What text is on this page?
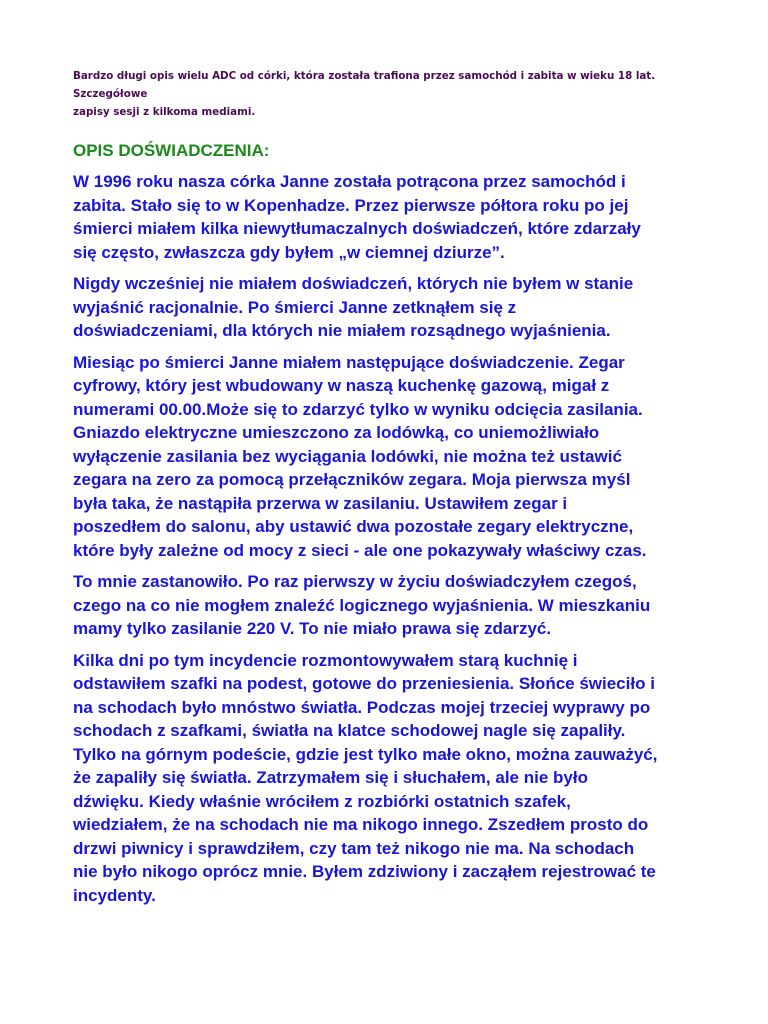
Bardzo długi opis wielu ADC od córki, która została trafiona przez samochód i zabita w wieku 18 lat. Szczegółowe
zapisy sesji z kilkoma mediami.

OPIS DOŚWIADCZENIA:

W 1996 roku nasza córka Janne została potrącona przez samochód i
zabita. Stało się to w Kopenhadze. Przez pierwsze półtora roku po jej
śmierci miałem kilka niewytłumaczalnych doświadczeń, które zdarzały
się często, zwłaszcza gdy byłem „w ciemnej dziurze”.

Nigdy wcześniej nie miałem doświadczeń, których nie byłem w stanie
wyjaśnić racjonalnie. Po śmierci Janne zetknąłem się z
doświadczeniami, dla których nie miałem rozsądnego wyjaśnienia.

Miesiąc po śmierci Janne miałem następujące doświadczenie. Zegar
cyfrowy, który jest wbudowany w naszą kuchenkę gazową, migał z
numerami 00.00.Może się to zdarzyć tylko w wyniku odcięcia zasilania.
Gniazdo elektryczne umieszczono za lodówką, co uniemożliwiało
wyłączenie zasilania bez wyciągania lodówki, nie można też ustawić
zegara na zero za pomocą przełączników zegara. Moja pierwsza myśl
była taka, że nastąpiła przerwa w zasilaniu. Ustawiłem zegar i
poszedłem do salonu, aby ustawić dwa pozostałe zegary elektryczne,
które były zależne od mocy z sieci - ale one pokazywały właściwy czas.

To mnie zastanowiło. Po raz pierwszy w życiu doświadczyłem czegoś,
czego na co nie mogłem znaleźć logicznego wyjaśnienia. W mieszkaniu
mamy tylko zasilanie 220 V. To nie miało prawa się zdarzyć.

Kilka dni po tym incydencie rozmontowywałem starą kuchnię i
odstawiłem szafki na podest, gotowe do przeniesienia. Słońce świeciło i
na schodach było mnóstwo światła. Podczas mojej trzeciej wyprawy po
schodach z szafkami, światła na klatce schodowej nagle się zapaliły.
Tylko na górnym podeście, gdzie jest tylko małe okno, można zauważyć,
że zapaliły się światła. Zatrzymałem się i słuchałem, ale nie było
dźwięku. Kiedy właśnie wróciłem z rozbiórki ostatnich szafek,
wiedziałem, że na schodach nie ma nikogo innego. Zszedłem prosto do
drzwi piwnicy i sprawdziłem, czy tam też nikogo nie ma. Na schodach
nie było nikogo oprócz mnie. Byłem zdziwiony i zacząłem rejestrować te
incydenty.
